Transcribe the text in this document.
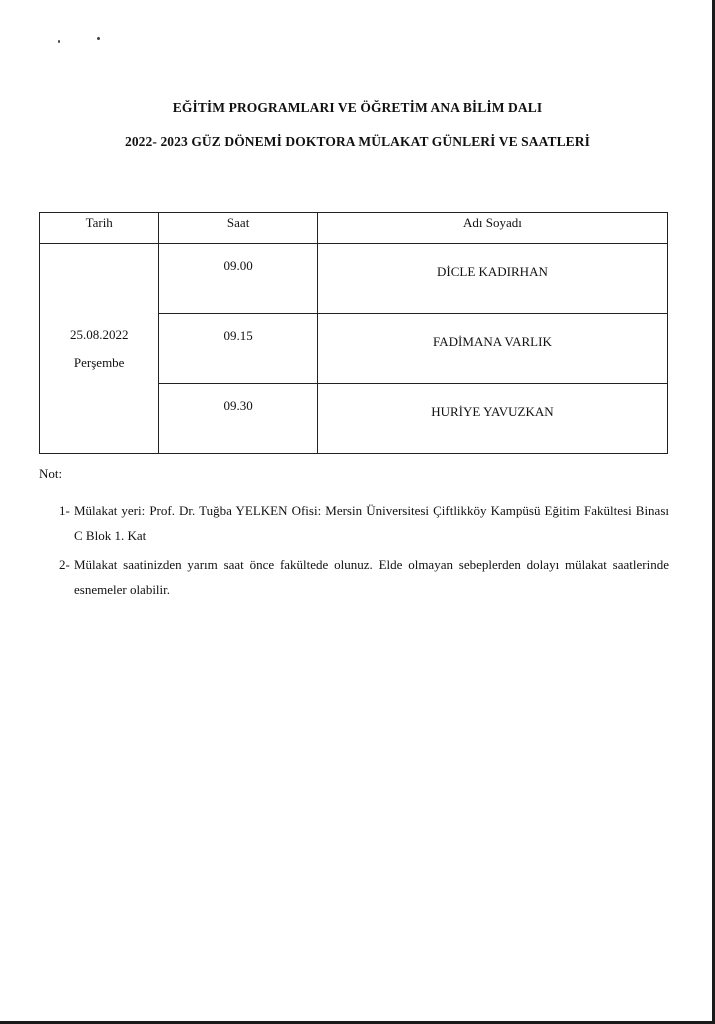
EĞİTİM PROGRAMLARI VE ÖĞRETİM ANA BİLİM DALI
2022- 2023 GÜZ DÖNEMİ DOKTORA MÜLAKAT GÜNLERİ VE SAATLERİ
Tarih	Saat	Adı Soyadı

25.08.2022
Perşembe	09.00	DİCLE KADIRHAN
	09.15	FADİMANA VARLIK
	09.30	HURİYE YAVUZKAN
Not:
1- Mülakat yeri: Prof. Dr. Tuğba YELKEN Ofisi: Mersin Üniversitesi Çiftlikköy Kampüsü Eğitim Fakültesi Binası C Blok 1. Kat
2- Mülakat saatinizden yarım saat önce fakültede olunuz. Elde olmayan sebeplerden dolayı mülakat saatlerinde esnemeler olabilir.
